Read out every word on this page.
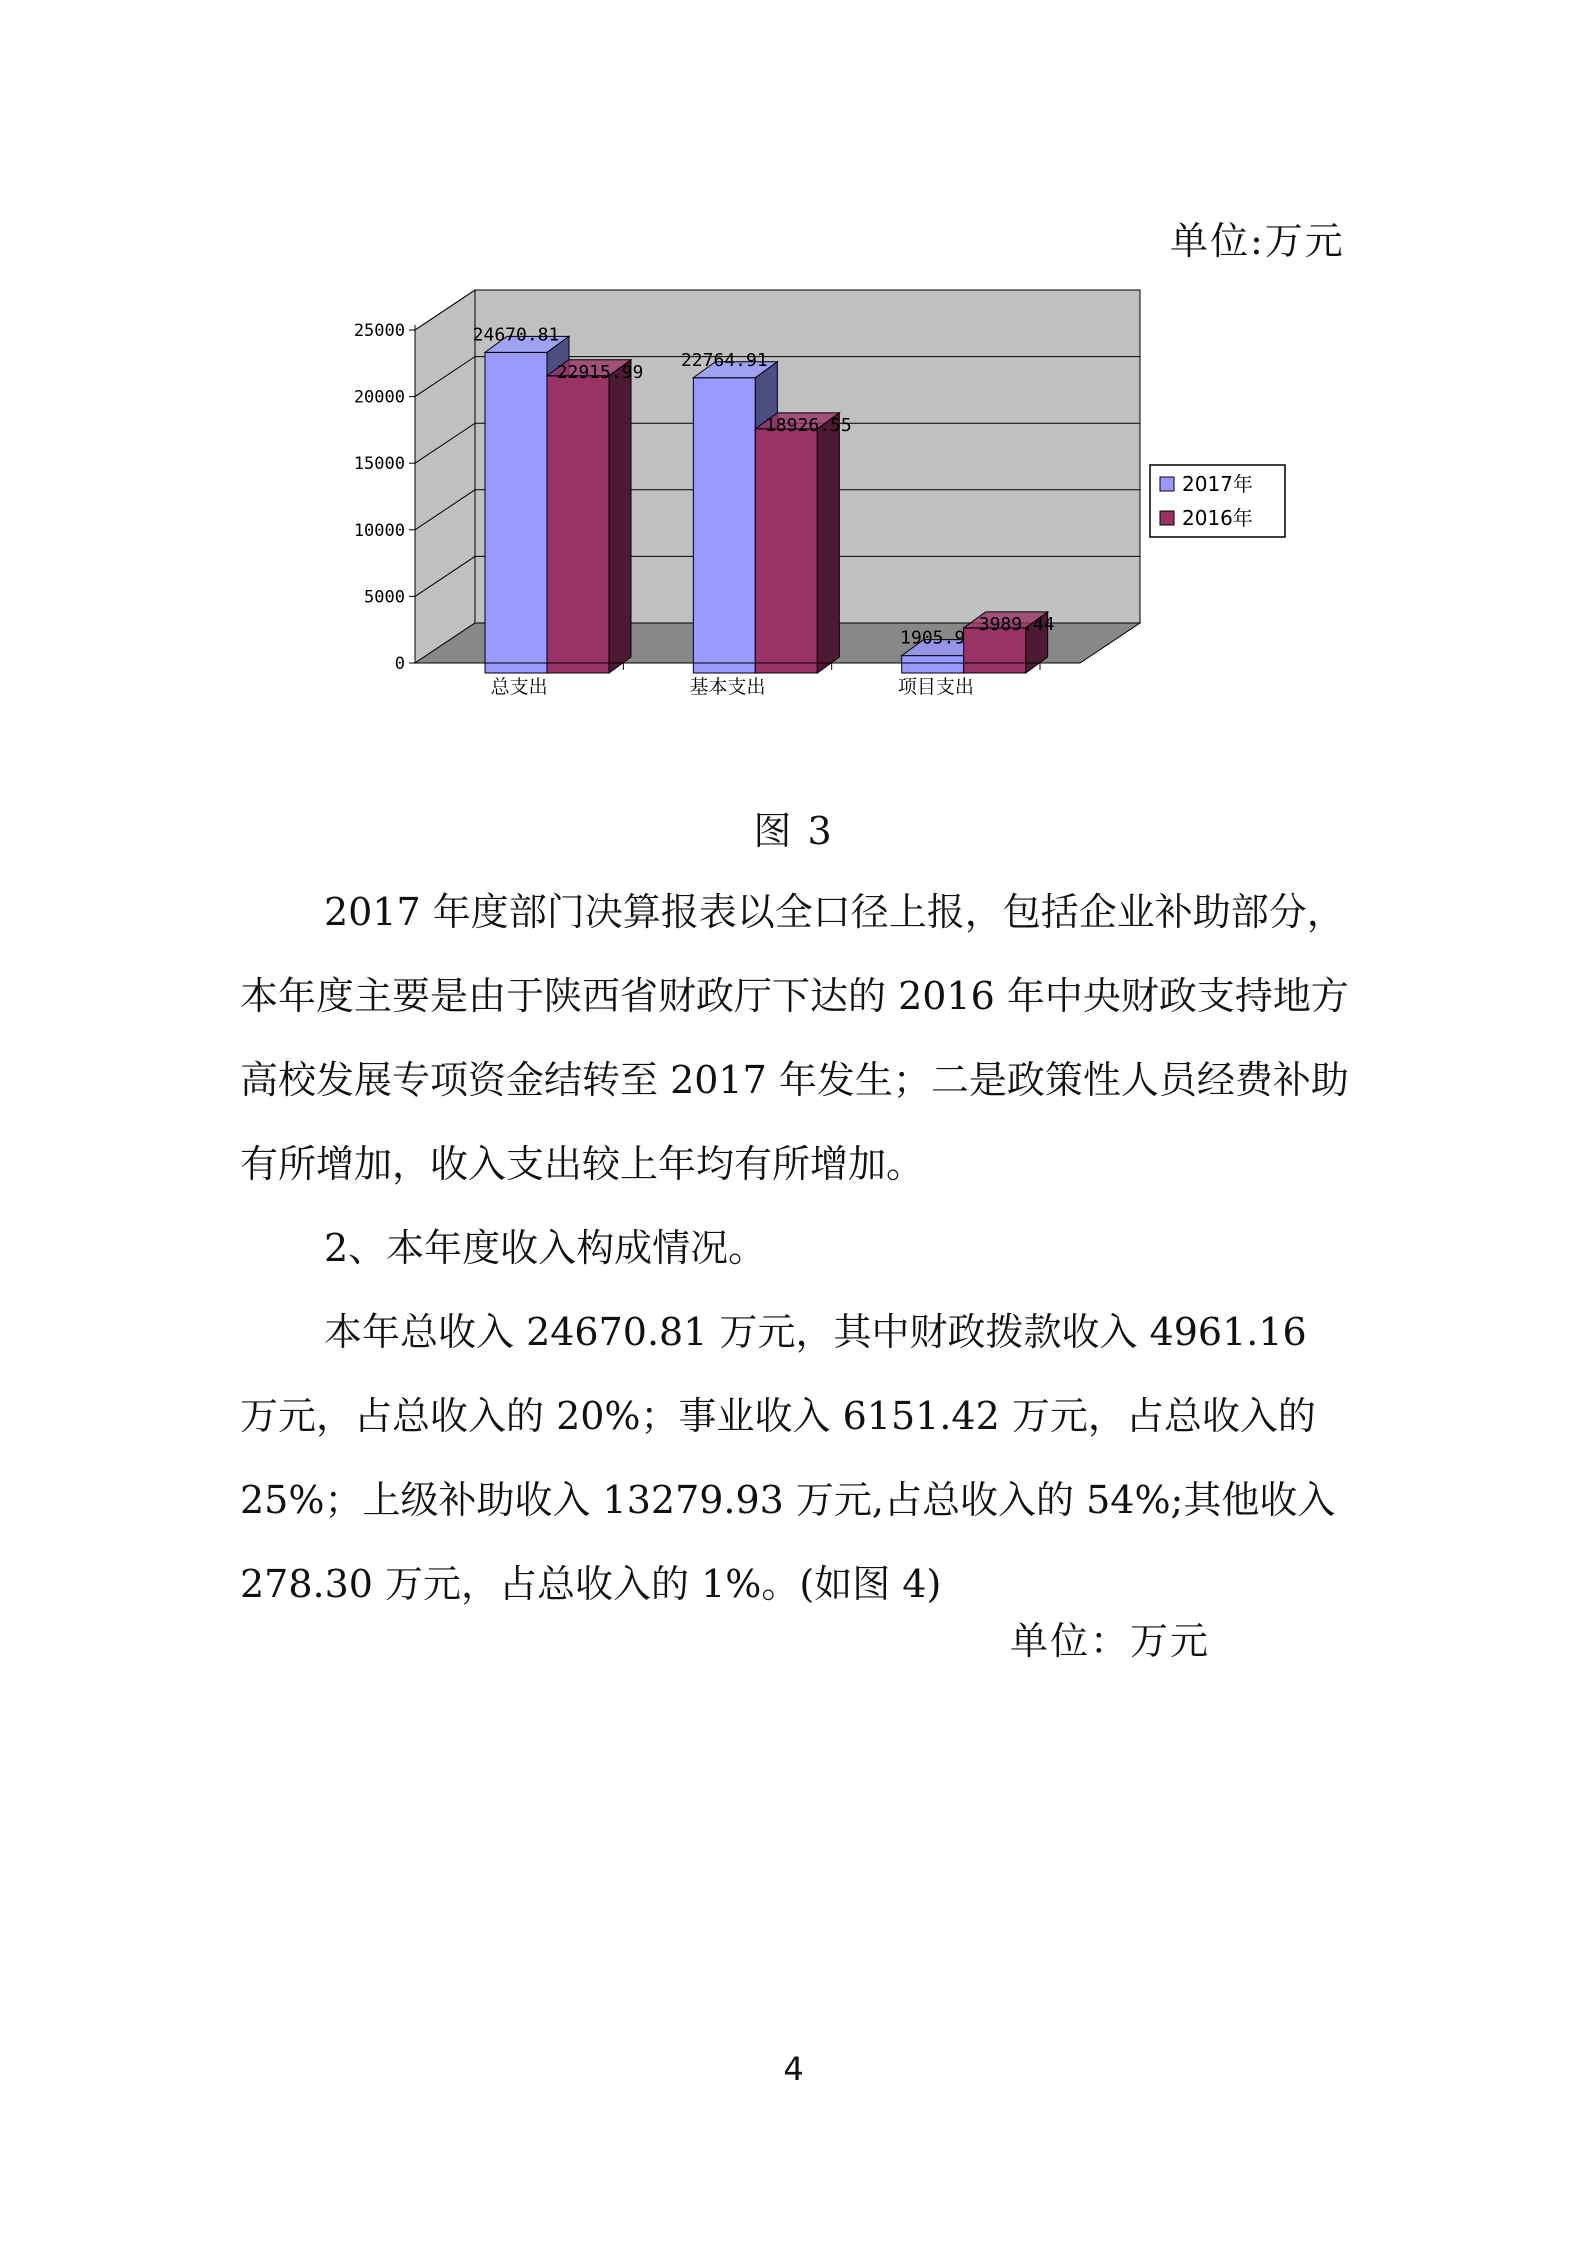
单位:万元
0
5000
10000
15000
20000
25000
总支出
24670.81
22915.99
基本支出
22764.91
18926.55
项目支出
1905.9
3989.44
2017年
2016年
图 3

2017 年度部门决算报表以全口径上报，包括企业补助部分，本年度主要是由于陕西省财政厅下达的 2016 年中央财政支持地方高校发展专项资金结转至 2017 年发生；二是政策性人员经费补助有所增加，收入支出较上年均有所增加。

2、本年度收入构成情况。

本年总收入 24670.81 万元，其中财政拨款收入 4961.16 万元，占总收入的 20%；事业收入 6151.42 万元，占总收入的 25%；上级补助收入 13279.93 万元,占总收入的 54%;其他收入 278.30 万元，占总收入的 1%。(如图 4)

单位：万元
4
